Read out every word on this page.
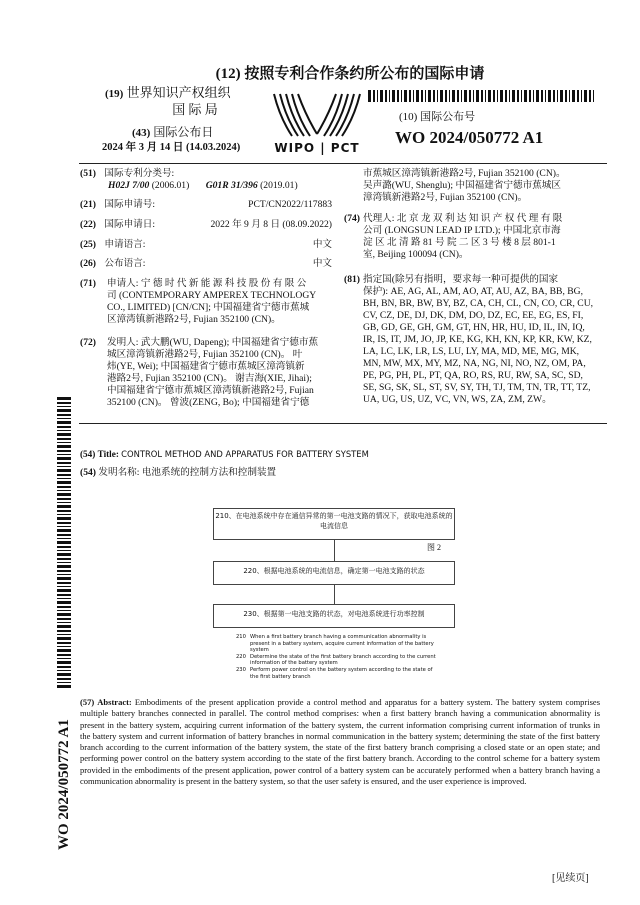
(12) 按照专利合作条约所公布的国际申请
(19) 世界知识产权组织
国 际 局
WIPO | PCT
(43) 国际公布日
2024 年 3 月 14 日 (14.03.2024)
(10) 国际公布号
WO 2024/050772 A1
(51) 国际专利分类号:
H02J 7/00 (2006.01) G01R 31/396 (2019.01)
(21) 国际申请号:	PCT/CN2022/117883
(22) 国际申请日:	2022 年 9 月 8 日 (08.09.2022)
(25) 申请语言:	中文
(26) 公布语言:	中文
(71) 申请人: 宁 德 时 代 新 能 源 科 技 股 份 有 限 公
司 (CONTEMPORARY AMPEREX TECHNOLOGY
CO., LIMITED) [CN/CN]; 中国福建省宁德市蕉城
区漳湾镇新港路2号, Fujian 352100 (CN)。
(72) 发明人: 武大鹏(WU, Dapeng); 中国福建省宁德市蕉
城区漳湾镇新港路2号, Fujian 352100 (CN)。 叶
炜(YE, Wei); 中国福建省宁德市蕉城区漳湾镇新
港路2号, Fujian 352100 (CN)。 谢吉海(XIE, Jihai);
中国福建省宁德市蕉城区漳湾镇新港路2号, Fujian
352100 (CN)。 曾波(ZENG, Bo); 中国福建省宁德
市蕉城区漳湾镇新港路2号, Fujian 352100 (CN)。
吴声潞(WU, Shenglu); 中国福建省宁德市蕉城区
漳湾镇新港路2号, Fujian 352100 (CN)。
(74) 代理人: 北 京 龙 双 利 达 知 识 产 权 代 理 有 限
公司 (LONGSUN LEAD IP LTD.); 中国北京市海
淀 区 北 清 路 81 号 院 二 区 3 号 楼 8 层 801-1
室, Beijing 100094 (CN)。
(81) 指定国(除另有指明，要求每一种可提供的国家
保护): AE, AG, AL, AM, AO, AT, AU, AZ, BA, BB, BG,
BH, BN, BR, BW, BY, BZ, CA, CH, CL, CN, CO, CR, CU,
CV, CZ, DE, DJ, DK, DM, DO, DZ, EC, EE, EG, ES, FI,
GB, GD, GE, GH, GM, GT, HN, HR, HU, ID, IL, IN, IQ,
IR, IS, IT, JM, JO, JP, KE, KG, KH, KN, KP, KR, KW, KZ,
LA, LC, LK, LR, LS, LU, LY, MA, MD, ME, MG, MK,
MN, MW, MX, MY, MZ, NA, NG, NI, NO, NZ, OM, PA,
PE, PG, PH, PL, PT, QA, RO, RS, RU, RW, SA, SC, SD,
SE, SG, SK, SL, ST, SV, SY, TH, TJ, TM, TN, TR, TT, TZ,
UA, UG, US, UZ, VC, VN, WS, ZA, ZM, ZW。
(54) Title: CONTROL METHOD AND APPARATUS FOR BATTERY SYSTEM
(54) 发明名称: 电池系统的控制方法和控制装置
210、在电池系统中存在通信异常的第一电池支路的情况下，获取电池系统的电流信息
图 2
220、根据电池系统的电流信息，确定第一电池支路的状态
230、根据第一电池支路的状态，对电池系统进行功率控制
210 When a first battery branch having a communication abnormality is present in a battery system, acquire current information of the battery system
220 Determine the state of the first battery branch according to the current information of the battery system
230 Perform power control on the battery system according to the state of the first battery branch
(57) Abstract: Embodiments of the present application provide a control method and apparatus for a battery system. The battery system comprises multiple battery branches connected in parallel. The control method comprises: when a first battery branch having a communication abnormality is present in the battery system, acquiring current information of the battery system, the current information comprising current information of trunks in the battery system and current information of battery branches in normal communication in the battery system; determining the state of the first battery branch according to the current information of the battery system, the state of the first battery branch comprising a closed state or an open state; and performing power control on the battery system according to the state of the first battery branch. According to the control scheme for a battery system provided in the embodiments of the present application, power control of a battery system can be accurately performed when a battery branch having a communication abnormality is present in the battery system, so that the user safety is ensured, and the user experience is improved.
WO 2024/050772 A1
[见续页]
